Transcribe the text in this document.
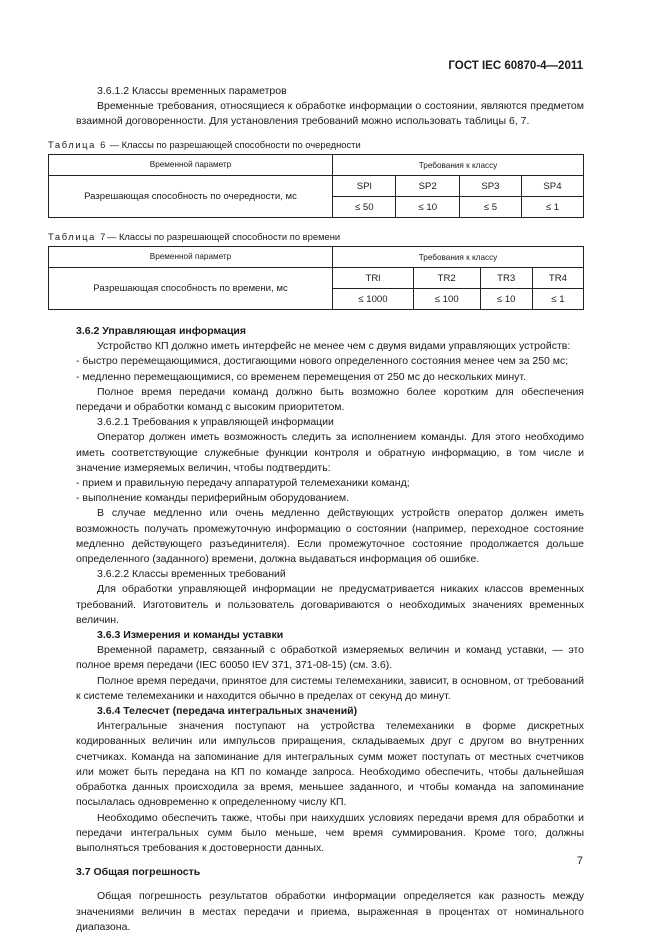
ГОСТ IEC 60870-4—2011

3.6.1.2 Классы временных параметров

Временные требования, относящиеся к обработке информации о состоянии, являются предметом взаимной договоренности. Для установления требований можно использовать таблицы 6, 7.

Таблица 6 — Классы по разрешающей способности по очередности
Временной параметр	Требования к классу			
Разрешающая способность по очередности, мс	SPl	SP2	SP3	SP4
	≤ 50	≤ 10	≤ 5	≤ 1
Таблица 7— Классы по разрешающей способности по времени
Временной параметр	Требования к классу			
Разрешающая способность по времени, мс	TRl	TR2	TR3	TR4
	≤ 1000	≤ 100	≤ 10	≤ 1
3.6.2 Управляющая информация

Устройство КП должно иметь интерфейс не менее чем с двумя видами управляющих устройств:

- быстро перемещающимися, достигающими нового определенного состояния менее чем за 250 мс;

- медленно перемещающимися, со временем перемещения от 250 мс до нескольких минут.

Полное время передачи команд должно быть возможно более коротким для обеспечения передачи и обработки команд с высоким приоритетом.

3.6.2.1 Требования к управляющей информации

Оператор должен иметь возможность следить за исполнением команды. Для этого необходимо иметь соответствующие служебные функции контроля и обратную информацию, в том числе и значение измеряемых величин, чтобы подтвердить:

- прием и правильную передачу аппаратурой телемеханики команд;

- выполнение команды периферийным оборудованием.

В случае медленно или очень медленно действующих устройств оператор должен иметь возможность получать промежуточную информацию о состоянии (например, переходное состояние медленно действующего разъединителя). Если промежуточное состояние продолжается дольше определенного (заданного) времени, должна выдаваться информация об ошибке.

3.6.2.2 Классы временных требований

Для обработки управляющей информации не предусматривается никаких классов временных требований. Изготовитель и пользователь договариваются о необходимых значениях временных величин.

3.6.3 Измерения и команды уставки

Временной параметр, связанный с обработкой измеряемых величин и команд уставки, — это полное время передачи (IEC 60050 IEV 371, 371-08-15) (см. 3.6).

Полное время передачи, принятое для системы телемеханики, зависит, в основном, от требований к системе телемеханики и находится обычно в пределах от секунд до минут.

3.6.4 Телесчет (передача интегральных значений)

Интегральные значения поступают на устройства телемеханики в форме дискретных кодированных величин или импульсов приращения, складываемых друг с другом во внутренних счетчиках. Команда на запоминание для интегральных сумм может поступать от местных счетчиков или может быть передана на КП по команде запроса. Необходимо обеспечить, чтобы дальнейшая обработка данных происходила за время, меньшее заданного, и чтобы команда на запоминание посылалась одновременно к определенному числу КП.

Необходимо обеспечить также, чтобы при наихудших условиях передачи время для обработки и передачи интегральных сумм было меньше, чем время суммирования. Кроме того, должны выполняться требования к достоверности данных.

3.7 Общая погрешность

Общая погрешность результатов обработки информации определяется как разность между значениями величин в местах передачи и приема, выраженная в процентах от номинального диапазона.

7
